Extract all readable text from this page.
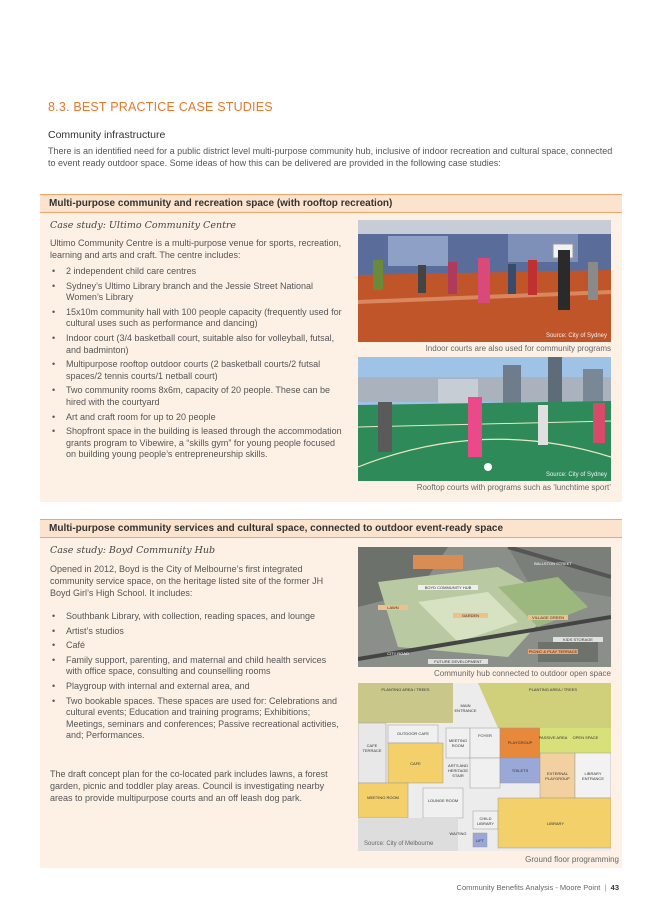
8.3. BEST PRACTICE CASE STUDIES
Community infrastructure
There is an identified need for a public district level multi-purpose community hub, inclusive of indoor recreation and cultural space, connected to event ready outdoor space. Some ideas of how this can be delivered are provided in the following case studies:
Multi-purpose community and recreation space (with rooftop recreation)
Case study: Ultimo Community Centre
Ultimo Community Centre is a multi-purpose venue for sports, recreation, learning and arts and craft. The centre includes:
• 2 independent child care centres
• Sydney’s Ultimo Library branch and the Jessie Street National Women’s Library
• 15x10m community hall with 100 people capacity (frequently used for cultural uses such as performance and dancing)
• Indoor court (3/4 basketball court, suitable also for volleyball, futsal, and badminton)
• Multipurpose rooftop outdoor courts (2 basketball courts/2 futsal spaces/2 tennis courts/1 netball court)
• Two community rooms 8x6m, capacity of 20 people. These can be hired with the courtyard
• Art and craft room for up to 20 people
• Shopfront space in the building is leased through the accommodation grants program to Vibewire, a “skills gym” for young people focused on building young people’s entrepreneurship skills.
Source: City of Sydney
Indoor courts are also used for community programs
Source: City of Sydney
Rooftop courts with programs such as ‘lunchtime sport’
Multi-purpose community services and cultural space, connected to outdoor event-ready space
Case study: Boyd Community Hub
Opened in 2012, Boyd is the City of Melbourne’s first integrated community service space, on the heritage listed site of the former JH Boyd Girl’s High School. It includes:
• Southbank Library, with collection, reading spaces, and lounge
• Artist’s studios
• Café
• Family support, parenting, and maternal and child health services with office space, consulting and counselling rooms
• Playgroup with internal and external area, and
• Two bookable spaces. These spaces are used for: Celebrations and cultural events; Education and training programs; Exhibitions; Meetings, seminars and conferences; Passive recreational activities, and; Performances.
The draft concept plan for the co-located park includes lawns, a forest garden, picnic and toddler play areas. Council is investigating nearby areas to provide multipurpose courts and an off leash dog park.
BOYD COMMUNITY HUB
CITY ROAD
BALLSTON STREET
FUTURE DEVELOPMENT
KIDS STORAGE
PICNIC & PLAY TERRACE
VILLAGE GREEN
GARDEN
LAWN
Community hub connected to outdoor open space
PLANTING AREA / TREES
MAIN ENTRANCE
PLANTING AREA / TREES
CAFE TERRACE
OUTDOOR CAFE
MEETING ROOM
FOYER
PLAYGROUP
OPEN SPACE
PASSIVE AREA
CAFE	ARTS AND HERITAGE STAIR
TOILETS
EXTERNAL PLAYGROUP
LIBRARY ENTRANCE
MEETING ROOM
LOUNGE ROOM
CHILD LIBRARY	LIBRARY
WAITING
LIFT
Source: City of Melbourne
Ground floor programming
Community Benefits Analysis - Moore Point | 43
